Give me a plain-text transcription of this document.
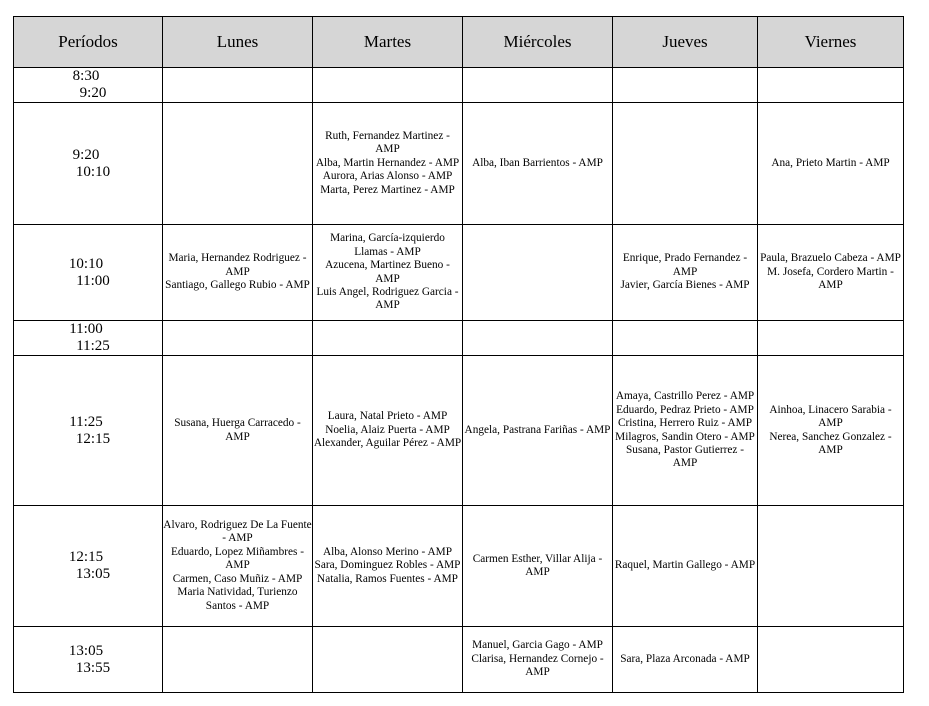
Períodos	Lunes	Martes	Miércoles	Jueves	Viernes

8:30
9:20					

9:20
10:10		Ruth, Fernandez Martinez - AMP
Alba, Martin Hernandez - AMP
Aurora, Arias Alonso - AMP
Marta, Perez Martinez - AMP	Alba, Iban Barrientos - AMP		Ana, Prieto Martin - AMP

10:10
11:00	Maria, Hernandez Rodriguez - AMP
Santiago, Gallego Rubio - AMP	Marina, García-izquierdo Llamas - AMP
Azucena, Martinez Bueno - AMP
Luis Angel, Rodriguez Garcia - AMP		Enrique, Prado Fernandez - AMP
Javier, García Bienes - AMP	Paula, Brazuelo Cabeza - AMP
M. Josefa, Cordero Martin - AMP

11:00
11:25					

11:25
12:15	Susana, Huerga Carracedo - AMP	Laura, Natal Prieto - AMP
Noelia, Alaiz Puerta - AMP
Alexander, Aguilar Pérez - AMP	Angela, Pastrana Fariñas - AMP	Amaya, Castrillo Perez - AMP
Eduardo, Pedraz Prieto - AMP
Cristina, Herrero Ruiz - AMP
Milagros, Sandin Otero - AMP
Susana, Pastor Gutierrez - AMP	Ainhoa, Linacero Sarabia - AMP
Nerea, Sanchez Gonzalez - AMP

12:15
13:05	Alvaro, Rodriguez De La Fuente - AMP
Eduardo, Lopez Miñambres - AMP
Carmen, Caso Muñiz - AMP
Maria Natividad, Turienzo Santos - AMP	Alba, Alonso Merino - AMP
Sara, Dominguez Robles - AMP
Natalia, Ramos Fuentes - AMP	Carmen Esther, Villar Alija - AMP	Raquel, Martin Gallego - AMP	

13:05
13:55			Manuel, Garcia Gago - AMP
Clarisa, Hernandez Cornejo - AMP	Sara, Plaza Arconada - AMP	
